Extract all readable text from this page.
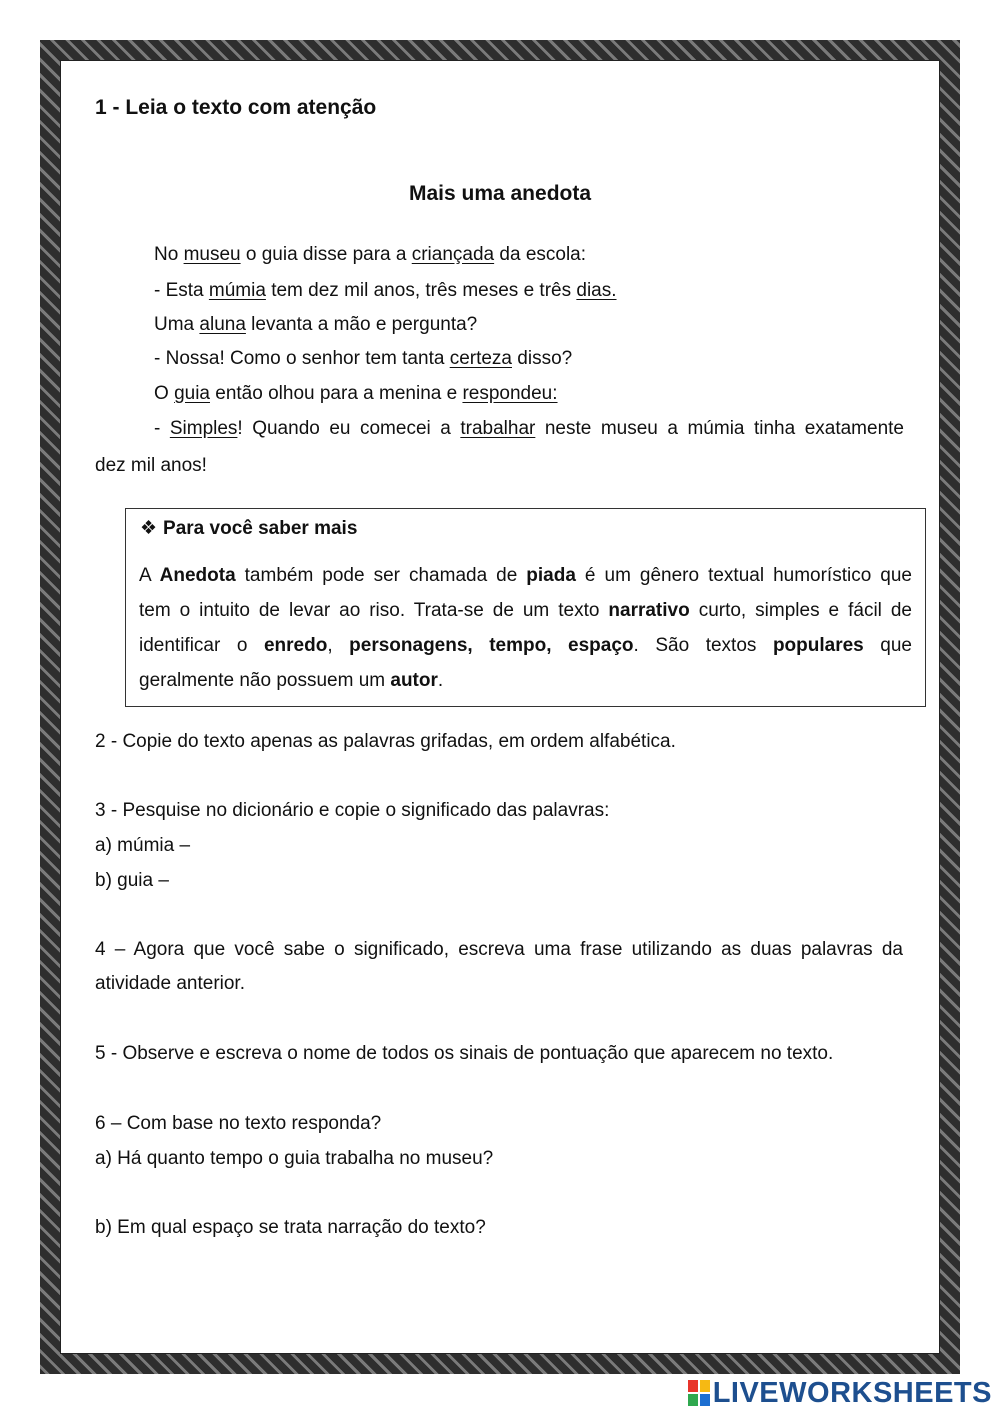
1 - Leia o texto com atenção
Mais uma anedota
No museu o guia disse para a criançada da escola:
- Esta múmia tem dez mil anos, três meses e três dias.
Uma aluna levanta a mão e pergunta?
- Nossa! Como o senhor tem tanta certeza disso?
O guia então olhou para a menina e respondeu:
- Simples! Quando eu comecei a trabalhar neste museu a múmia tinha exatamente
dez mil anos!
❖ Para você saber mais
A Anedota também pode ser chamada de piada é um gênero textual humorístico que
tem o intuito de levar ao riso. Trata-se de um texto narrativo curto, simples e fácil de
identificar o enredo, personagens, tempo, espaço. São textos populares que
geralmente não possuem um autor.
2 - Copie do texto apenas as palavras grifadas, em ordem alfabética.
3 - Pesquise no dicionário e copie o significado das palavras:
a) múmia –
b) guia –
4 – Agora que você sabe o significado, escreva uma frase utilizando as duas palavras da
atividade anterior.
5 - Observe e escreva o nome de todos os sinais de pontuação que aparecem no texto.
6 – Com base no texto responda?
a) Há quanto tempo o guia trabalha no museu?
b) Em qual espaço se trata narração do texto?
LIVEWORKSHEETS
